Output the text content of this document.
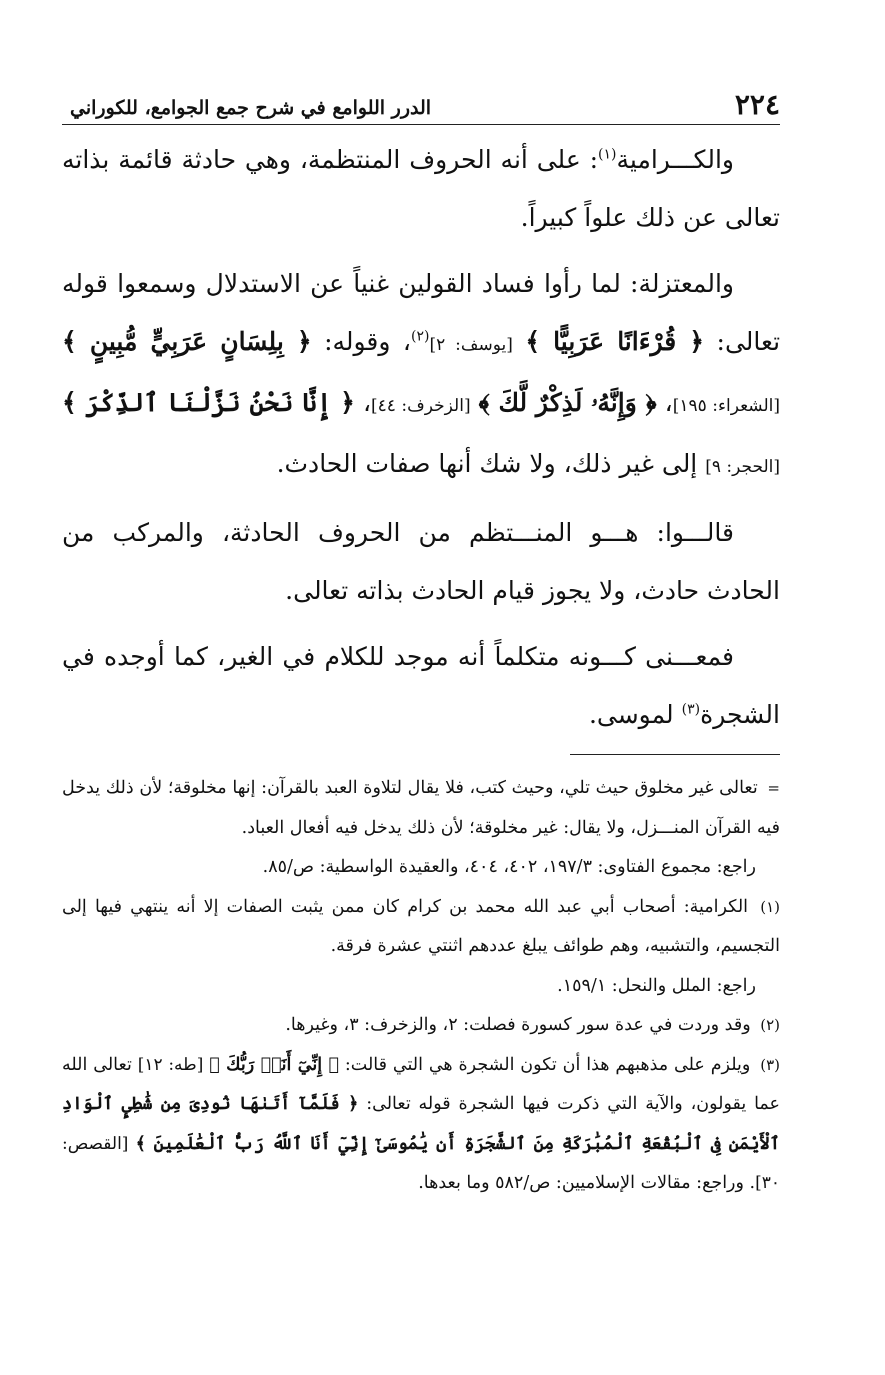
٢٢٤
الدرر اللوامع في شرح جمع الجوامع، للكوراني

والكـــرامية$^{(١)}$: على أنه الحروف المنتظمة، وهي حادثة قائمة بذاته تعالى عن ذلك علواً كبيراً.

والمعتزلة: لما رأوا فساد القولين غنياً عن الاستدلال وسمعوا قوله تعالى: ﴿ قُرْءَانًا عَرَبِيًّا ﴾ [يوسف: ٢]$^{(٢)}$، وقوله: ﴿ بِلِسَانٍ عَرَبِيٍّ مُّبِينٍ ﴾ [الشعراء: ١٩٥]، ﴿ وَإِنَّهُۥ لَذِكْرٌ لَّكَ ﴾ [الزخرف: ٤٤]، ﴿ إِنَّا نَحْنُ نَزَّلْنَا ٱلذِّكْرَ ﴾ [الحجر: ٩] إلى غير ذلك، ولا شك أنها صفات الحادث.

قالـــوا: هـــو المنـــتظم من الحروف الحادثة، والمركب من الحادث حادث، ولا يجوز قيام الحادث بذاته تعالى.

فمعـــنى كـــونه متكلماً أنه موجد للكلام في الغير، كما أوجده في الشجرة$^{(٣)}$ لموسى.

= تعالى غير مخلوق حيث تلي، وحيث كتب، فلا يقال لتلاوة العبد بالقرآن: إنها مخلوقة؛ لأن ذلك يدخل فيه القرآن المنـــزل، ولا يقال: غير مخلوقة؛ لأن ذلك يدخل فيه أفعال العباد.

راجع: مجموع الفتاوى: ١٩٧/٣، ٤٠٢، ٤٠٤، والعقيدة الواسطية: ص/٨٥.

(١) الكرامية: أصحاب أبي عبد الله محمد بن كرام كان ممن يثبت الصفات إلا أنه ينتهي فيها إلى التجسيم، والتشبيه، وهم طوائف يبلغ عددهم اثنتي عشرة فرقة.

راجع: الملل والنحل: ١٥٩/١.

(٢) وقد وردت في عدة سور كسورة فصلت: ٢، والزخرف: ٣، وغيرها.

(٣) ويلزم على مذهبهم هذا أن تكون الشجرة هي التي قالت: ﴿ إِنِّيٓ أَنَا۠ رَبُّكَ ﴾ [طه: ١٢] تعالى الله عما يقولون، والآية التي ذكرت فيها الشجرة قوله تعالى: ﴿ فَلَمَّآ أَتَىٰهَا نُودِىَ مِن شَٰطِىِٕ ٱلْوَادِ ٱلْأَيْمَنِ فِى ٱلْبُقْعَةِ ٱلْمُبَٰرَكَةِ مِنَ ٱلشَّجَرَةِ أَن يَٰمُوسَىٰٓ إِنِّيٓ أَنَا ٱللَّهُ رَبُّ ٱلْعَٰلَمِينَ ﴾ [القصص: ٣٠]. وراجع: مقالات الإسلاميين: ص/٥٨٢ وما بعدها.
